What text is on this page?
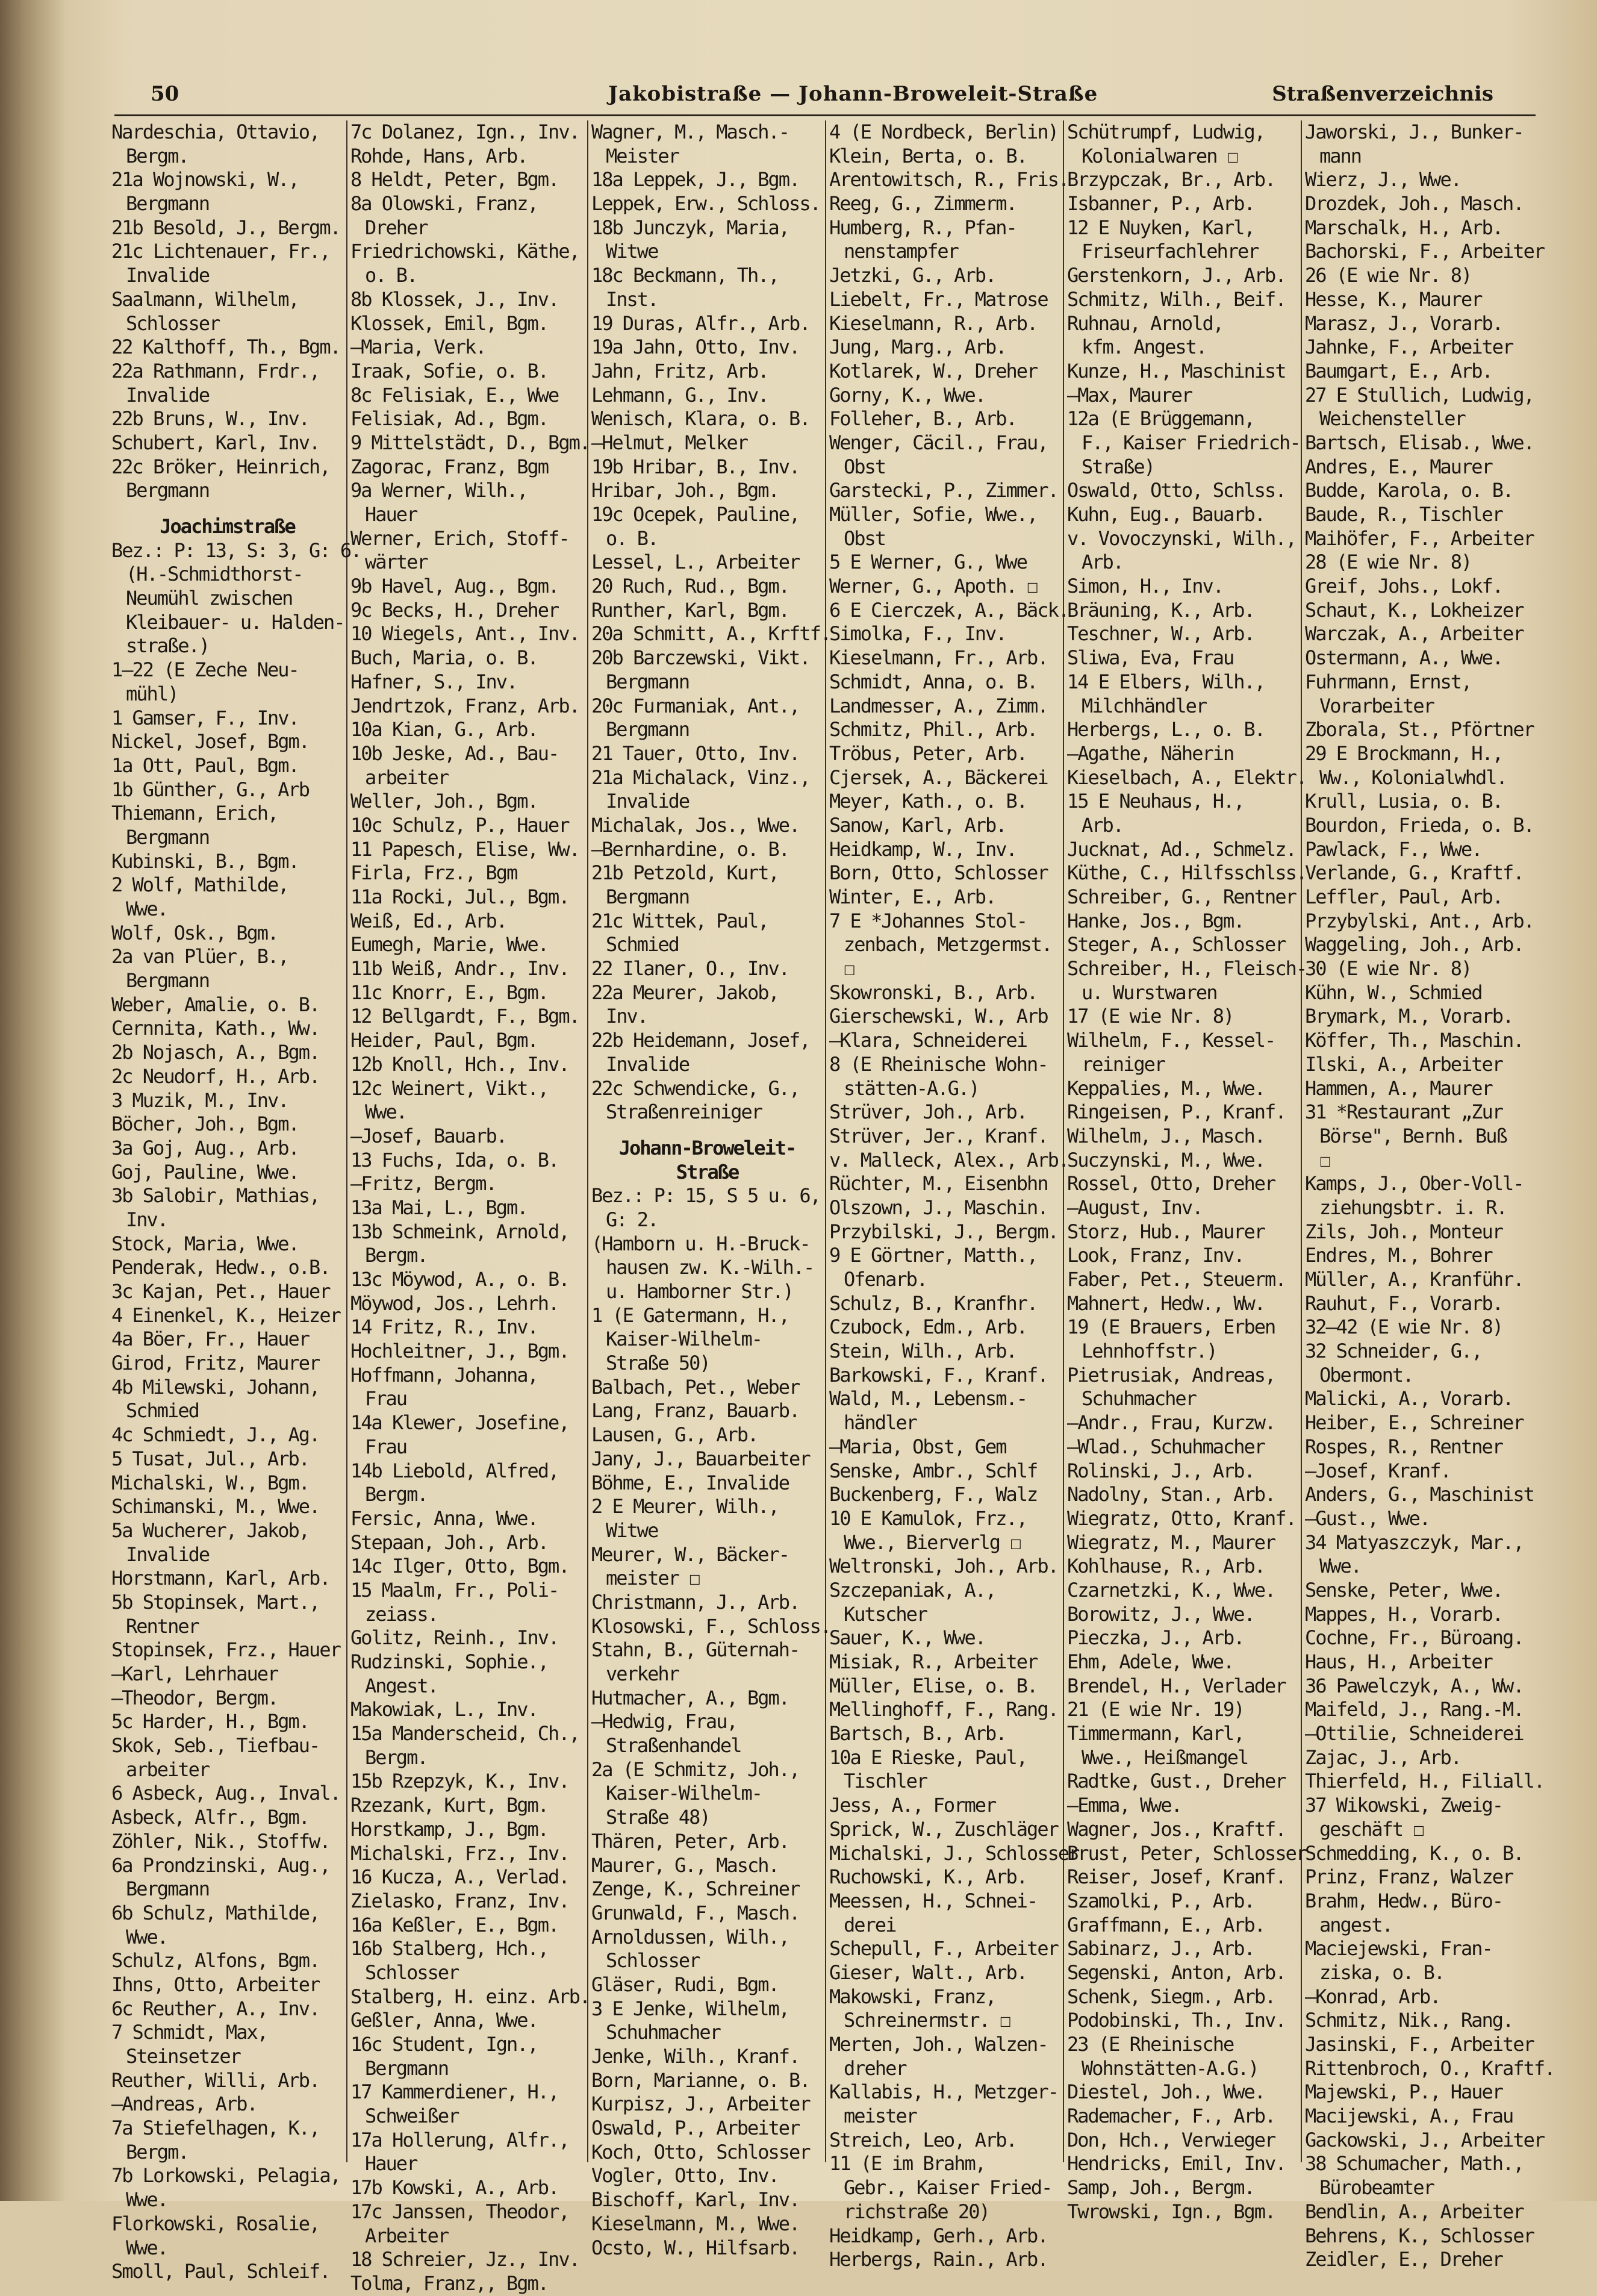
50	Jakobistraße — Johann-Broweleit-Straße	Straßenverzeichnis
Nardeschia, Ottavio,
Bergm.
21a Wojnowski, W.,
Bergmann
21b Besold, J., Bergm.
21c Lichtenauer, Fr.,
Invalide
Saalmann, Wilhelm,
Schlosser
22 Kalthoff, Th., Bgm.
22a Rathmann, Frdr.,
Invalide
22b Bruns, W., Inv.
Schubert, Karl, Inv.
22c Bröker, Heinrich,
Bergmann
Joachimstraße
Bez.: P: 13, S: 3, G: 6.
(H.-Schmidthorst-
Neumühl zwischen
Kleibauer- u. Halden-
straße.)
1—22 (E Zeche Neu-
mühl)
1 Gamser, F., Inv.
Nickel, Josef, Bgm.
1a Ott, Paul, Bgm.
1b Günther, G., Arb
Thiemann, Erich,
Bergmann
Kubinski, B., Bgm.
2 Wolf, Mathilde,
Wwe.
Wolf, Osk., Bgm.
2a van Plüer, B.,
Bergmann
Weber, Amalie, o. B.
Cernnita, Kath., Ww.
2b Nojasch, A., Bgm.
2c Neudorf, H., Arb.
3 Muzik, M., Inv.
Böcher, Joh., Bgm.
3a Goj, Aug., Arb.
Goj, Pauline, Wwe.
3b Salobir, Mathias,
Inv.
Stock, Maria, Wwe.
Penderak, Hedw., o.B.
3c Kajan, Pet., Hauer
4 Einenkel, K., Heizer
4a Böer, Fr., Hauer
Girod, Fritz, Maurer
4b Milewski, Johann,
Schmied
4c Schmiedt, J., Ag.
5 Tusat, Jul., Arb.
Michalski, W., Bgm.
Schimanski, M., Wwe.
5a Wucherer, Jakob,
Invalide
Horstmann, Karl, Arb.
5b Stopinsek, Mart.,
Rentner
Stopinsek, Frz., Hauer
—Karl, Lehrhauer
—Theodor, Bergm.
5c Harder, H., Bgm.
Skok, Seb., Tiefbau-
arbeiter
6 Asbeck, Aug., Inval.
Asbeck, Alfr., Bgm.
Zöhler, Nik., Stoffw.
6a Prondzinski, Aug.,
Bergmann
6b Schulz, Mathilde,
Wwe.
Schulz, Alfons, Bgm.
Ihns, Otto, Arbeiter
6c Reuther, A., Inv.
7 Schmidt, Max,
Steinsetzer
Reuther, Willi, Arb.
—Andreas, Arb.
7a Stiefelhagen, K.,
Bergm.
7b Lorkowski, Pelagia,
Wwe.
Florkowski, Rosalie,
Wwe.
Smoll, Paul, Schleif.
7c Dolanez, Ign., Inv.
Rohde, Hans, Arb.
8 Heldt, Peter, Bgm.
8a Olowski, Franz,
Dreher
Friedrichowski, Käthe,
o. B.
8b Klossek, J., Inv.
Klossek, Emil, Bgm.
—Maria, Verk.
Iraak, Sofie, o. B.
8c Felisiak, E., Wwe
Felisiak, Ad., Bgm.
9 Mittelstädt, D., Bgm.
Zagorac, Franz, Bgm
9a Werner, Wilh.,
Hauer
Werner, Erich, Stoff-
wärter
9b Havel, Aug., Bgm.
9c Becks, H., Dreher
10 Wiegels, Ant., Inv.
Buch, Maria, o. B.
Hafner, S., Inv.
Jendrtzok, Franz, Arb.
10a Kian, G., Arb.
10b Jeske, Ad., Bau-
arbeiter
Weller, Joh., Bgm.
10c Schulz, P., Hauer
11 Papesch, Elise, Ww.
Firla, Frz., Bgm
11a Rocki, Jul., Bgm.
Weiß, Ed., Arb.
Eumegh, Marie, Wwe.
11b Weiß, Andr., Inv.
11c Knorr, E., Bgm.
12 Bellgardt, F., Bgm.
Heider, Paul, Bgm.
12b Knoll, Hch., Inv.
12c Weinert, Vikt.,
Wwe.
—Josef, Bauarb.
13 Fuchs, Ida, o. B.
—Fritz, Bergm.
13a Mai, L., Bgm.
13b Schmeink, Arnold,
Bergm.
13c Möywod, A., o. B.
Möywod, Jos., Lehrh.
14 Fritz, R., Inv.
Hochleitner, J., Bgm.
Hoffmann, Johanna,
Frau
14a Klewer, Josefine,
Frau
14b Liebold, Alfred,
Bergm.
Fersic, Anna, Wwe.
Stepaan, Joh., Arb.
14c Ilger, Otto, Bgm.
15 Maalm, Fr., Poli-
zeiass.
Golitz, Reinh., Inv.
Rudzinski, Sophie.,
Angest.
Makowiak, L., Inv.
15a Manderscheid, Ch.,
Bergm.
15b Rzepzyk, K., Inv.
Rzezank, Kurt, Bgm.
Horstkamp, J., Bgm.
Michalski, Frz., Inv.
16 Kucza, A., Verlad.
Zielasko, Franz, Inv.
16a Keßler, E., Bgm.
16b Stalberg, Hch.,
Schlosser
Stalberg, H. einz. Arb.
Geßler, Anna, Wwe.
16c Student, Ign.,
Bergmann
17 Kammerdiener, H.,
Schweißer
17a Hollerung, Alfr.,
Hauer
17b Kowski, A., Arb.
17c Janssen, Theodor,
Arbeiter
18 Schreier, Jz., Inv.
Tolma, Franz,, Bgm.
Wagner, M., Masch.-
Meister
18a Leppek, J., Bgm.
Leppek, Erw., Schloss.
18b Junczyk, Maria,
Witwe
18c Beckmann, Th.,
Inst.
19 Duras, Alfr., Arb.
19a Jahn, Otto, Inv.
Jahn, Fritz, Arb.
Lehmann, G., Inv.
Wenisch, Klara, o. B.
—Helmut, Melker
19b Hribar, B., Inv.
Hribar, Joh., Bgm.
19c Ocepek, Pauline,
o. B.
Lessel, L., Arbeiter
20 Ruch, Rud., Bgm.
Runther, Karl, Bgm.
20a Schmitt, A., Krftf.
20b Barczewski, Vikt.
Bergmann
20c Furmaniak, Ant.,
Bergmann
21 Tauer, Otto, Inv.
21a Michalack, Vinz.,
Invalide
Michalak, Jos., Wwe.
—Bernhardine, o. B.
21b Petzold, Kurt,
Bergmann
21c Wittek, Paul,
Schmied
22 Ilaner, O., Inv.
22a Meurer, Jakob,
Inv.
22b Heidemann, Josef,
Invalide
22c Schwendicke, G.,
Straßenreiniger
Johann-Broweleit-
Straße
Bez.: P: 15, S 5 u. 6,
G: 2.
(Hamborn u. H.-Bruck-
hausen zw. K.-Wilh.-
u. Hamborner Str.)
1 (E Gatermann, H.,
Kaiser-Wilhelm-
Straße 50)
Balbach, Pet., Weber
Lang, Franz, Bauarb.
Lausen, G., Arb.
Jany, J., Bauarbeiter
Böhme, E., Invalide
2 E Meurer, Wilh.,
Witwe
Meurer, W., Bäcker-
meister ☐
Christmann, J., Arb.
Klosowski, F., Schloss.
Stahn, B., Güternah-
verkehr
Hutmacher, A., Bgm.
—Hedwig, Frau,
Straßenhandel
2a (E Schmitz, Joh.,
Kaiser-Wilhelm-
Straße 48)
Thären, Peter, Arb.
Maurer, G., Masch.
Zenge, K., Schreiner
Grunwald, F., Masch.
Arnoldussen, Wilh.,
Schlosser
Gläser, Rudi, Bgm.
3 E Jenke, Wilhelm,
Schuhmacher
Jenke, Wilh., Kranf.
Born, Marianne, o. B.
Kurpisz, J., Arbeiter
Oswald, P., Arbeiter
Koch, Otto, Schlosser
Vogler, Otto, Inv.
Bischoff, Karl, Inv.
Kieselmann, M., Wwe.
Ocsto, W., Hilfsarb.
4 (E Nordbeck, Berlin)
Klein, Berta, o. B.
Arentowitsch, R., Fris.
Reeg, G., Zimmerm.
Humberg, R., Pfan-
nenstampfer
Jetzki, G., Arb.
Liebelt, Fr., Matrose
Kieselmann, R., Arb.
Jung, Marg., Arb.
Kotlarek, W., Dreher
Gorny, K., Wwe.
Folleher, B., Arb.
Wenger, Cäcil., Frau,
Obst
Garstecki, P., Zimmer.
Müller, Sofie, Wwe.,
Obst
5 E Werner, G., Wwe
Werner, G., Apoth. ☐
6 E Cierczek, A., Bäck.
Simolka, F., Inv.
Kieselmann, Fr., Arb.
Schmidt, Anna, o. B.
Landmesser, A., Zimm.
Schmitz, Phil., Arb.
Tröbus, Peter, Arb.
Cjersek, A., Bäckerei
Meyer, Kath., o. B.
Sanow, Karl, Arb.
Heidkamp, W., Inv.
Born, Otto, Schlosser
Winter, E., Arb.
7 E *Johannes Stol-
zenbach, Metzgermst.
☐
Skowronski, B., Arb.
Gierschewski, W., Arb
—Klara, Schneiderei
8 (E Rheinische Wohn-
stätten-A.G.)
Strüver, Joh., Arb.
Strüver, Jer., Kranf.
v. Malleck, Alex., Arb.
Rüchter, M., Eisenbhn
Olszown, J., Maschin.
Przybilski, J., Bergm.
9 E Görtner, Matth.,
Ofenarb.
Schulz, B., Kranfhr.
Czubock, Edm., Arb.
Stein, Wilh., Arb.
Barkowski, F., Kranf.
Wald, M., Lebensm.-
händler
—Maria, Obst, Gem
Senske, Ambr., Schlf
Buckenberg, F., Walz
10 E Kamulok, Frz.,
Wwe., Bierverlg ☐
Weltronski, Joh., Arb.
Szczepaniak, A.,
Kutscher
Sauer, K., Wwe.
Misiak, R., Arbeiter
Müller, Elise, o. B.
Mellinghoff, F., Rang.
Bartsch, B., Arb.
10a E Rieske, Paul,
Tischler
Jess, A., Former
Sprick, W., Zuschläger
Michalski, J., Schlosser
Ruchowski, K., Arb.
Meessen, H., Schnei-
derei
Schepull, F., Arbeiter
Gieser, Walt., Arb.
Makowski, Franz,
Schreinermstr. ☐
Merten, Joh., Walzen-
dreher
Kallabis, H., Metzger-
meister
Streich, Leo, Arb.
11 (E im Brahm,
Gebr., Kaiser Fried-
richstraße 20)
Heidkamp, Gerh., Arb.
Herbergs, Rain., Arb.
Schütrumpf, Ludwig,
Kolonialwaren ☐
Brzypczak, Br., Arb.
Isbanner, P., Arb.
12 E Nuyken, Karl,
Friseurfachlehrer
Gerstenkorn, J., Arb.
Schmitz, Wilh., Beif.
Ruhnau, Arnold,
kfm. Angest.
Kunze, H., Maschinist
—Max, Maurer
12a (E Brüggemann,
F., Kaiser Friedrich-
Straße)
Oswald, Otto, Schlss.
Kuhn, Eug., Bauarb.
v. Vovoczynski, Wilh.,
Arb.
Simon, H., Inv.
Bräuning, K., Arb.
Teschner, W., Arb.
Sliwa, Eva, Frau
14 E Elbers, Wilh.,
Milchhändler
Herbergs, L., o. B.
—Agathe, Näherin
Kieselbach, A., Elektr.
15 E Neuhaus, H.,
Arb.
Jucknat, Ad., Schmelz.
Küthe, C., Hilfsschlss.
Schreiber, G., Rentner
Hanke, Jos., Bgm.
Steger, A., Schlosser
Schreiber, H., Fleisch-
u. Wurstwaren
17 (E wie Nr. 8)
Wilhelm, F., Kessel-
reiniger
Keppalies, M., Wwe.
Ringeisen, P., Kranf.
Wilhelm, J., Masch.
Suczynski, M., Wwe.
Rossel, Otto, Dreher
—August, Inv.
Storz, Hub., Maurer
Look, Franz, Inv.
Faber, Pet., Steuerm.
Mahnert, Hedw., Ww.
19 (E Brauers, Erben
Lehnhoffstr.)
Pietrusiak, Andreas,
Schuhmacher
—Andr., Frau, Kurzw.
—Wlad., Schuhmacher
Rolinski, J., Arb.
Nadolny, Stan., Arb.
Wiegratz, Otto, Kranf.
Wiegratz, M., Maurer
Kohlhause, R., Arb.
Czarnetzki, K., Wwe.
Borowitz, J., Wwe.
Pieczka, J., Arb.
Ehm, Adele, Wwe.
Brendel, H., Verlader
21 (E wie Nr. 19)
Timmermann, Karl,
Wwe., Heißmangel
Radtke, Gust., Dreher
—Emma, Wwe.
Wagner, Jos., Kraftf.
Brust, Peter, Schlosser
Reiser, Josef, Kranf.
Szamolki, P., Arb.
Graffmann, E., Arb.
Sabinarz, J., Arb.
Segenski, Anton, Arb.
Schenk, Siegm., Arb.
Podobinski, Th., Inv.
23 (E Rheinische
Wohnstätten-A.G.)
Diestel, Joh., Wwe.
Rademacher, F., Arb.
Don, Hch., Verwieger
Hendricks, Emil, Inv.
Samp, Joh., Bergm.
Twrowski, Ign., Bgm.
Jaworski, J., Bunker-
mann
Wierz, J., Wwe.
Drozdek, Joh., Masch.
Marschalk, H., Arb.
Bachorski, F., Arbeiter
26 (E wie Nr. 8)
Hesse, K., Maurer
Marasz, J., Vorarb.
Jahnke, F., Arbeiter
Baumgart, E., Arb.
27 E Stullich, Ludwig,
Weichensteller
Bartsch, Elisab., Wwe.
Andres, E., Maurer
Budde, Karola, o. B.
Baude, R., Tischler
Maihöfer, F., Arbeiter
28 (E wie Nr. 8)
Greif, Johs., Lokf.
Schaut, K., Lokheizer
Warczak, A., Arbeiter
Ostermann, A., Wwe.
Fuhrmann, Ernst,
Vorarbeiter
Zborala, St., Pförtner
29 E Brockmann, H.,
Ww., Kolonialwhdl.
Krull, Lusia, o. B.
Bourdon, Frieda, o. B.
Pawlack, F., Wwe.
Verlande, G., Kraftf.
Leffler, Paul, Arb.
Przybylski, Ant., Arb.
Waggeling, Joh., Arb.
30 (E wie Nr. 8)
Kühn, W., Schmied
Brymark, M., Vorarb.
Köffer, Th., Maschin.
Ilski, A., Arbeiter
Hammen, A., Maurer
31 *Restaurant „Zur
Börse", Bernh. Buß
☐
Kamps, J., Ober-Voll-
ziehungsbtr. i. R.
Zils, Joh., Monteur
Endres, M., Bohrer
Müller, A., Kranführ.
Rauhut, F., Vorarb.
32—42 (E wie Nr. 8)
32 Schneider, G.,
Obermont.
Malicki, A., Vorarb.
Heiber, E., Schreiner
Rospes, R., Rentner
—Josef, Kranf.
Anders, G., Maschinist
—Gust., Wwe.
34 Matyaszczyk, Mar.,
Wwe.
Senske, Peter, Wwe.
Mappes, H., Vorarb.
Cochne, Fr., Büroang.
Haus, H., Arbeiter
36 Pawelczyk, A., Ww.
Maifeld, J., Rang.-M.
—Ottilie, Schneiderei
Zajac, J., Arb.
Thierfeld, H., Filiall.
37 Wikowski, Zweig-
geschäft ☐
Schmedding, K., o. B.
Prinz, Franz, Walzer
Brahm, Hedw., Büro-
angest.
Maciejewski, Fran-
ziska, o. B.
—Konrad, Arb.
Schmitz, Nik., Rang.
Jasinski, F., Arbeiter
Rittenbroch, O., Kraftf.
Majewski, P., Hauer
Macijewski, A., Frau
Gackowski, J., Arbeiter
38 Schumacher, Math.,
Bürobeamter
Bendlin, A., Arbeiter
Behrens, K., Schlosser
Zeidler, E., Dreher
